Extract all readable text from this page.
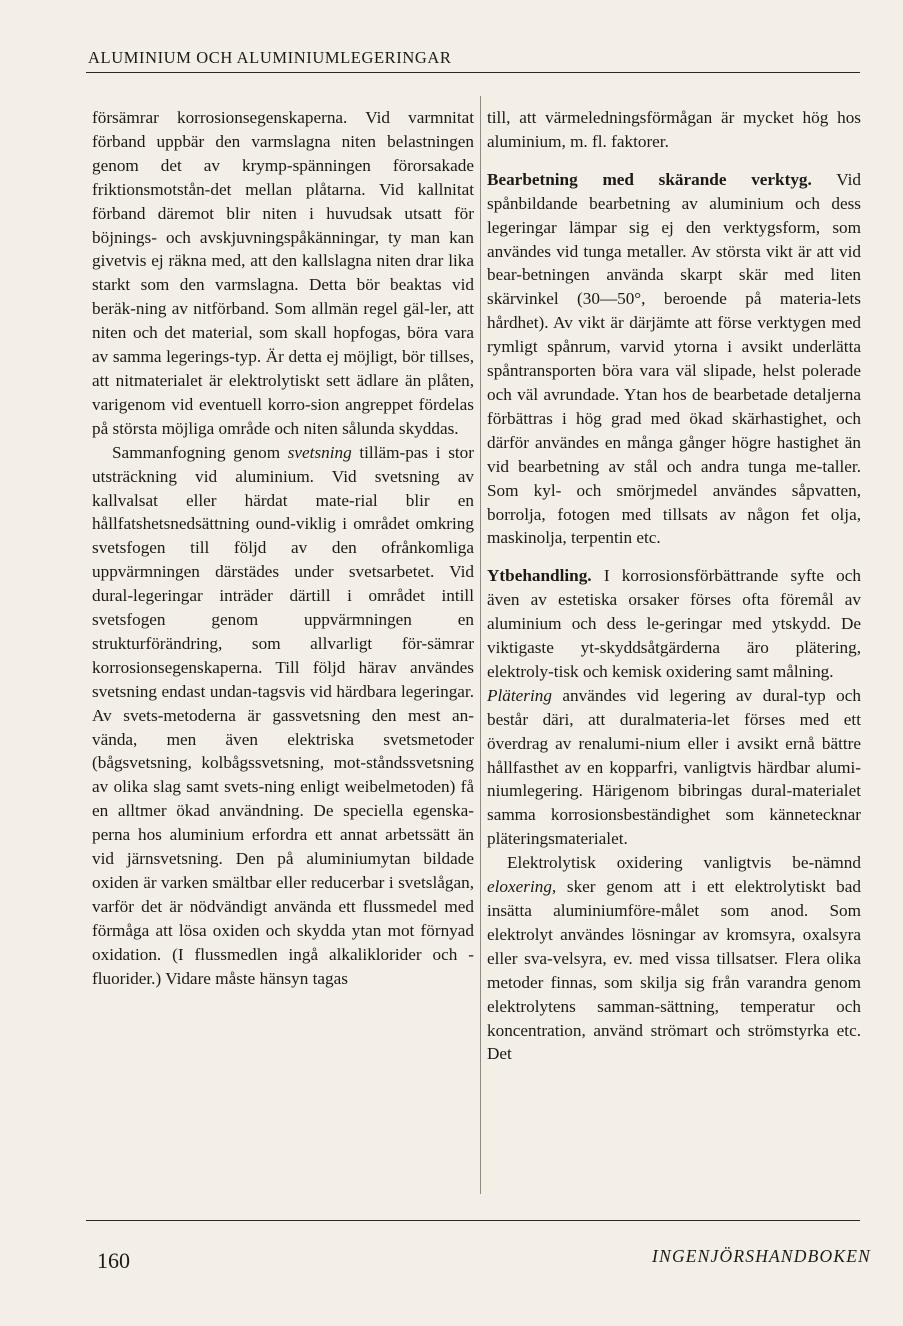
ALUMINIUM OCH ALUMINIUMLEGERINGAR

försämrar korrosionsegenskaperna. Vid varmnitat förband uppbär den varmslagna niten belastningen genom det av krymp-spänningen förorsakade friktionsmotstån-det mellan plåtarna. Vid kallnitat förband däremot blir niten i huvudsak utsatt för böjnings- och avskjuvningspåkänningar, ty man kan givetvis ej räkna med, att den kallslagna niten drar lika starkt som den varmslagna. Detta bör beaktas vid beräk-ning av nitförband. Som allmän regel gäl-ler, att niten och det material, som skall hopfogas, böra vara av samma legerings-typ. Är detta ej möjligt, bör tillses, att nitmaterialet är elektrolytiskt sett ädlare än plåten, varigenom vid eventuell korro-sion angreppet fördelas på största möjliga område och niten sålunda skyddas.

Sammanfogning genom svetsning tilläm-pas i stor utsträckning vid aluminium. Vid svetsning av kallvalsat eller härdat mate-rial blir en hållfatshetsnedsättning ound-viklig i området omkring svetsfogen till följd av den ofrånkomliga uppvärmningen därstädes under svetsarbetet. Vid dural-legeringar inträder därtill i området intill svetsfogen genom uppvärmningen en strukturförändring, som allvarligt för-sämrar korrosionsegenskaperna. Till följd härav användes svetsning endast undan-tagsvis vid härdbara legeringar. Av svets-metoderna är gassvetsning den mest an-vända, men även elektriska svetsmetoder (bågsvetsning, kolbågssvetsning, mot-ståndssvetsning av olika slag samt svets-ning enligt weibelmetoden) få en alltmer ökad användning. De speciella egenska-perna hos aluminium erfordra ett annat arbetssätt än vid järnsvetsning. Den på aluminiumytan bildade oxiden är varken smältbar eller reducerbar i svetslågan, varför det är nödvändigt använda ett flussmedel med förmåga att lösa oxiden och skydda ytan mot förnyad oxidation. (I flussmedlen ingå alkaliklorider och -fluorider.) Vidare måste hänsyn tagas

till, att värmeledningsförmågan är mycket hög hos aluminium, m. fl. faktorer.

Bearbetning med skärande verktyg. Vid spånbildande bearbetning av aluminium och dess legeringar lämpar sig ej den verktygsform, som användes vid tunga metaller. Av största vikt är att vid bear-betningen använda skarpt skär med liten skärvinkel (30—50°, beroende på materia-lets hårdhet). Av vikt är därjämte att förse verktygen med rymligt spånrum, varvid ytorna i avsikt underlätta spåntransporten böra vara väl slipade, helst polerade och väl avrundade. Ytan hos de bearbetade detaljerna förbättras i hög grad med ökad skärhastighet, och därför användes en många gånger högre hastighet än vid bearbetning av stål och andra tunga me-taller. Som kyl- och smörjmedel användes såpvatten, borrolja, fotogen med tillsats av någon fet olja, maskinolja, terpentin etc.

Ytbehandling. I korrosionsförbättrande syfte och även av estetiska orsaker förses ofta föremål av aluminium och dess le-geringar med ytskydd. De viktigaste yt-skyddsåtgärderna äro plätering, elektroly-tisk och kemisk oxidering samt målning.

Plätering användes vid legering av dural-typ och består däri, att duralmateria-let förses med ett överdrag av renalumi-nium eller i avsikt ernå bättre hållfasthet av en kopparfri, vanligtvis härdbar alumi-niumlegering. Härigenom bibringas dural-materialet samma korrosionsbeständighet som kännetecknar pläteringsmaterialet.

Elektrolytisk oxidering vanligtvis be-nämnd eloxering, sker genom att i ett elektrolytiskt bad insätta aluminiumföre-målet som anod. Som elektrolyt användes lösningar av kromsyra, oxalsyra eller sva-velsyra, ev. med vissa tillsatser. Flera olika metoder finnas, som skilja sig från varandra genom elektrolytens samman-sättning, temperatur och koncentration, använd strömart och strömstyrka etc. Det

160	INGENJÖRSHANDBOKEN
